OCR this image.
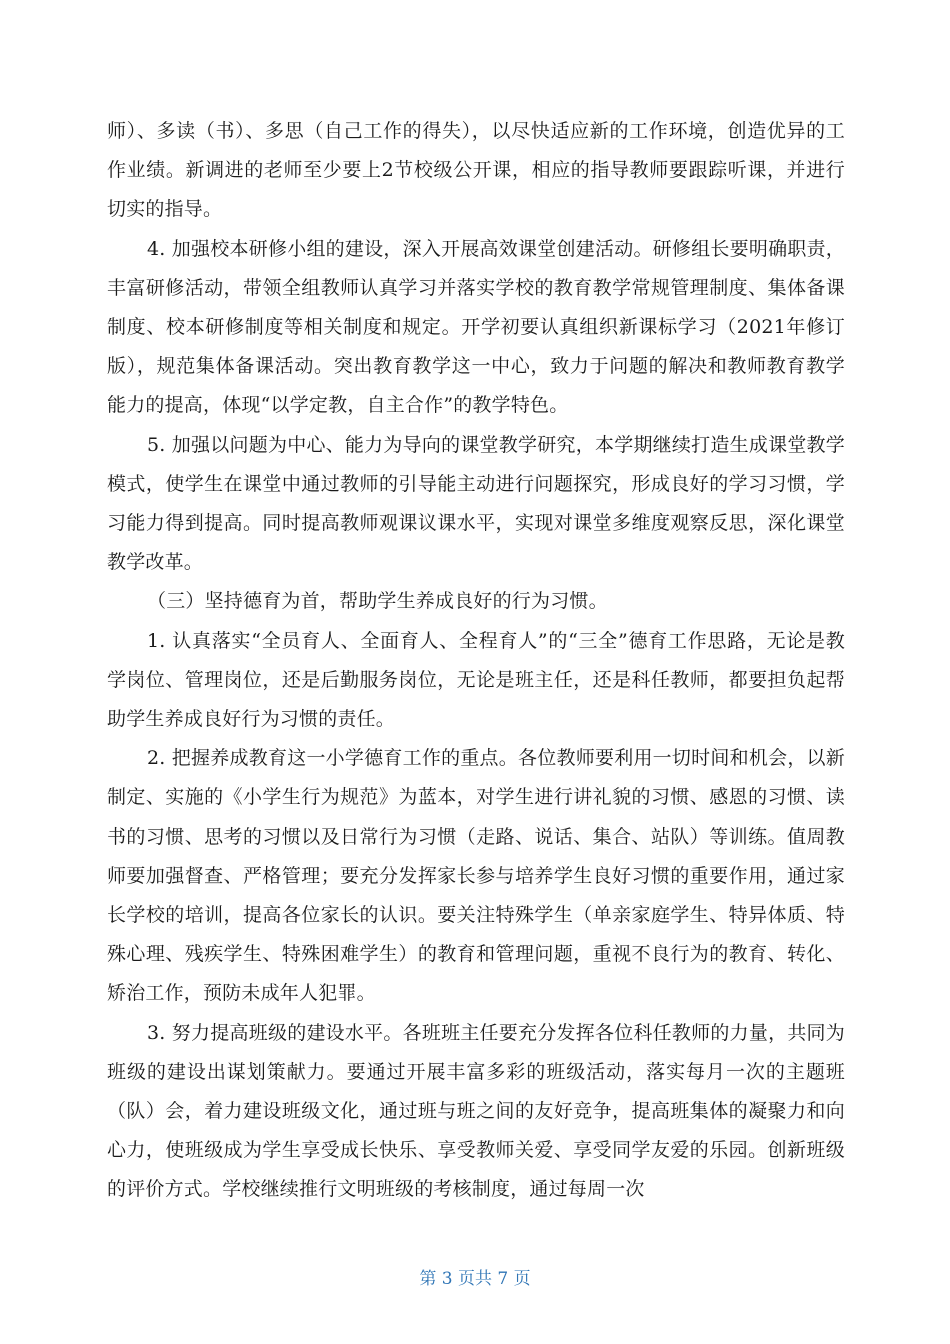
师）、多读（书）、多思（自己工作的得失），以尽快适应新的工作环境，创造优异的工作业绩。新调进的老师至少要上2节校级公开课，相应的指导教师要跟踪听课，并进行切实的指导。

4. 加强校本研修小组的建设，深入开展高效课堂创建活动。研修组长要明确职责，丰富研修活动，带领全组教师认真学习并落实学校的教育教学常规管理制度、集体备课制度、校本研修制度等相关制度和规定。开学初要认真组织新课标学习（2021年修订版），规范集体备课活动。突出教育教学这一中心，致力于问题的解决和教师教育教学能力的提高，体现“以学定教，自主合作”的教学特色。

5. 加强以问题为中心、能力为导向的课堂教学研究，本学期继续打造生成课堂教学模式，使学生在课堂中通过教师的引导能主动进行问题探究，形成良好的学习习惯，学习能力得到提高。同时提高教师观课议课水平，实现对课堂多维度观察反思，深化课堂教学改革。

（三）坚持德育为首，帮助学生养成良好的行为习惯。

1. 认真落实“全员育人、全面育人、全程育人”的“三全”德育工作思路，无论是教学岗位、管理岗位，还是后勤服务岗位，无论是班主任，还是科任教师，都要担负起帮助学生养成良好行为习惯的责任。

2. 把握养成教育这一小学德育工作的重点。各位教师要利用一切时间和机会，以新制定、实施的《小学生行为规范》为蓝本，对学生进行讲礼貌的习惯、感恩的习惯、读书的习惯、思考的习惯以及日常行为习惯（走路、说话、集合、站队）等训练。值周教师要加强督查、严格管理；要充分发挥家长参与培养学生良好习惯的重要作用，通过家长学校的培训，提高各位家长的认识。要关注特殊学生（单亲家庭学生、特异体质、特殊心理、残疾学生、特殊困难学生）的教育和管理问题，重视不良行为的教育、转化、矫治工作，预防未成年人犯罪。

3. 努力提高班级的建设水平。各班班主任要充分发挥各位科任教师的力量，共同为班级的建设出谋划策献力。要通过开展丰富多彩的班级活动，落实每月一次的主题班（队）会，着力建设班级文化，通过班与班之间的友好竞争，提高班集体的凝聚力和向心力，使班级成为学生享受成长快乐、享受教师关爱、享受同学友爱的乐园。创新班级的评价方式。学校继续推行文明班级的考核制度，通过每周一次

第 3 页共 7 页
